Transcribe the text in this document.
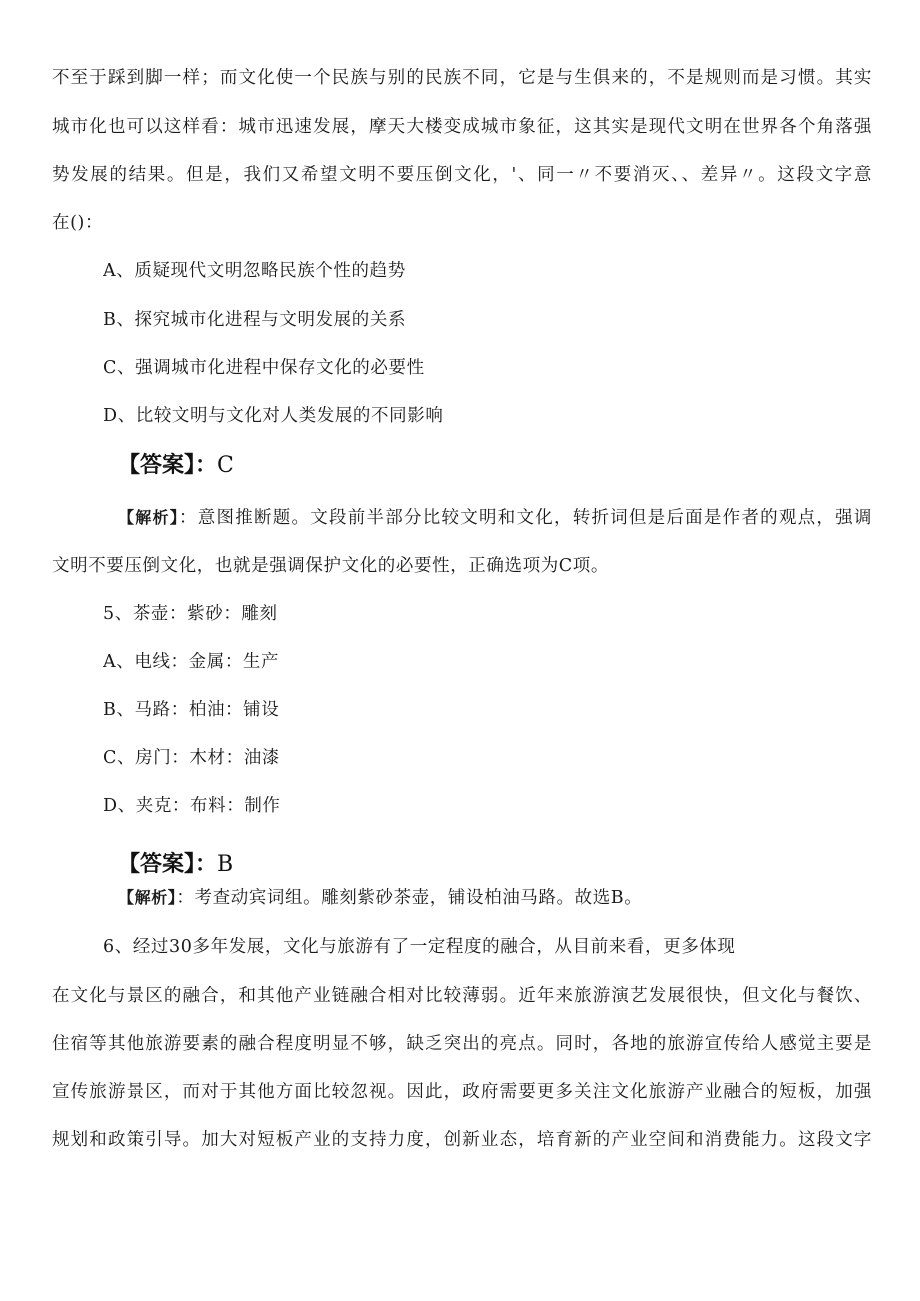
不至于踩到脚一样；而文化使一个民族与别的民族不同，它是与生俱来的，不是规则而是习惯。其实
城市化也可以这样看：城市迅速发展，摩天大楼变成城市象征，这其实是现代文明在世界各个角落强
势发展的结果。但是，我们又希望文明不要压倒文化，'、同一〃不要消灭、、差异〃。这段文字意
在()：
A、质疑现代文明忽略民族个性的趋势
B、探究城市化进程与文明发展的关系
C、强调城市化进程中保存文化的必要性
D、比较文明与文化对人类发展的不同影响
【答案】：C
【解析】：意图推断题。文段前半部分比较文明和文化，转折词但是后面是作者的观点，强调
文明不要压倒文化，也就是强调保护文化的必要性，正确选项为C项。
5、茶壶：紫砂：雕刻
A、电线：金属：生产
B、马路：柏油：铺设
C、房门：木材：油漆
D、夹克：布料：制作
【答案】：B
【解析】：考查动宾词组。雕刻紫砂茶壶，铺设柏油马路。故选B。
6、经过30多年发展，文化与旅游有了一定程度的融合，从目前来看，更多体现
在文化与景区的融合，和其他产业链融合相对比较薄弱。近年来旅游演艺发展很快，但文化与餐饮、
住宿等其他旅游要素的融合程度明显不够，缺乏突出的亮点。同时，各地的旅游宣传给人感觉主要是
宣传旅游景区，而对于其他方面比较忽视。因此，政府需要更多关注文化旅游产业融合的短板，加强
规划和政策引导。加大对短板产业的支持力度，创新业态，培育新的产业空间和消费能力。这段文字
